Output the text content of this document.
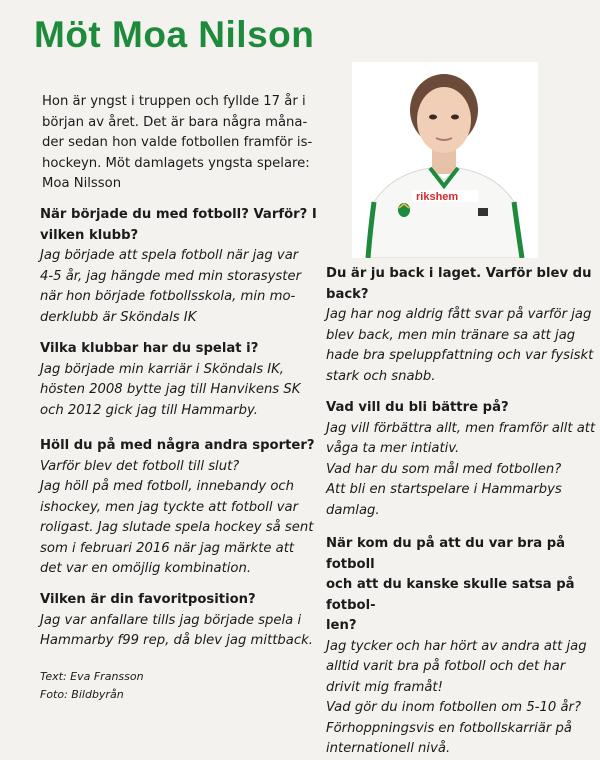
Möt Moa Nilson

Hon är yngst i truppen och fyllde 17 år i

början av året. Det är bara några måna-

der sedan hon valde fotbollen framför is-

hockeyn. Möt damlagets yngsta spelare:

Moa Nilsson

När började du med fotboll? Varför? I

vilken klubb?

Jag började att spela fotboll när jag var

4-5 år, jag hängde med min storasyster

när hon började fotbollsskola, min mo-

derklubb är Sköndals IK

Vilka klubbar har du spelat i?

Jag började min karriär i Sköndals IK,

hösten 2008 bytte jag till Hanvikens SK

och 2012 gick jag till Hammarby.

Höll du på med några andra sporter?

Varför blev det fotboll till slut?

Jag höll på med fotboll, innebandy och

ishockey, men jag tyckte att fotboll var

roligast. Jag slutade spela hockey så sent

som i februari 2016 när jag märkte att

det var en omöjlig kombination.

Vilken är din favoritposition?

Jag var anfallare tills jag började spela i

Hammarby f99 rep, då blev jag mittback.

Text: Eva Fransson

Foto: Bildbyrån

rikshem

Du är ju back i laget. Varför blev du

back?

Jag har nog aldrig fått svar på varför jag

blev back, men min tränare sa att jag

hade bra speluppfattning och var fysiskt

stark och snabb.

Vad vill du bli bättre på?

Jag vill förbättra allt, men framför allt att

våga ta mer intiativ.

Vad har du som mål med fotbollen?

Att bli en startspelare i Hammarbys

damlag.

När kom du på att du var bra på fotboll

och att du kanske skulle satsa på fotbol-

len?

Jag tycker och har hört av andra att jag

alltid varit bra på fotboll och det har

drivit mig framåt!

Vad gör du inom fotbollen om 5-10 år?

Förhoppningsvis en fotbollskarriär på

internationell nivå.
